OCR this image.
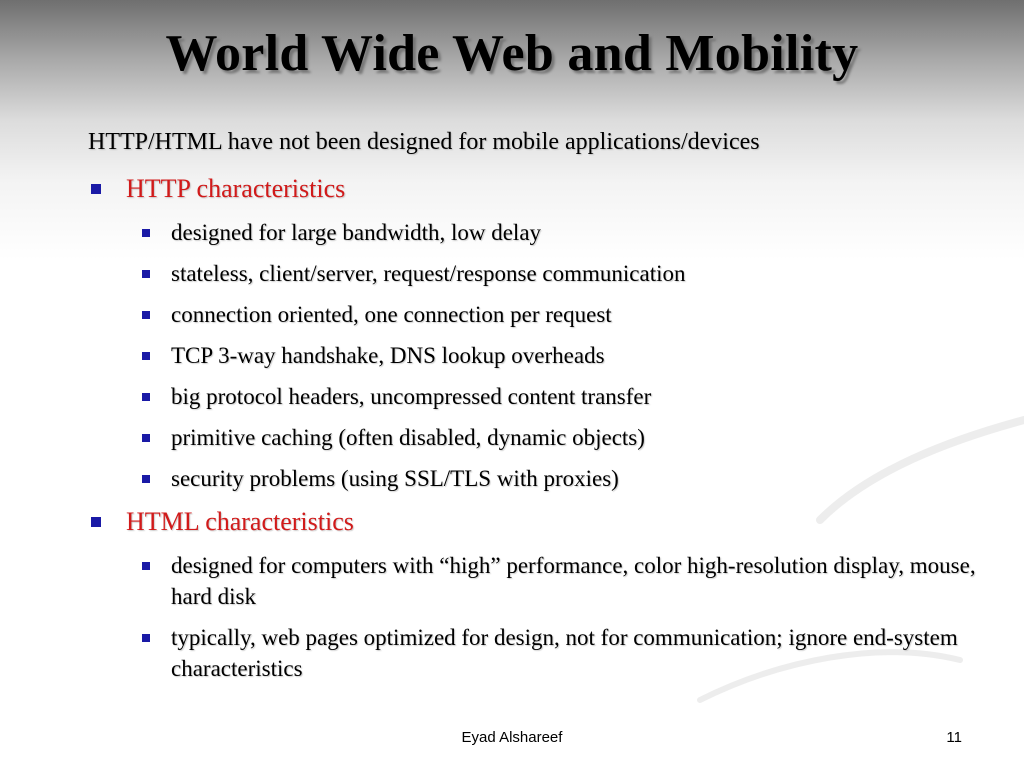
World Wide Web and Mobility

HTTP/HTML have not been designed for mobile applications/devices

HTTP characteristics
designed for large bandwidth, low delay
stateless, client/server, request/response communication
connection oriented, one connection per request
TCP 3-way handshake, DNS lookup overheads
big protocol headers, uncompressed content transfer
primitive caching (often disabled, dynamic objects)
security problems (using SSL/TLS with proxies)
HTML characteristics
designed for computers with “high” performance, color high-resolution display, mouse, hard disk
typically, web pages optimized for design, not for communication; ignore end-system characteristics
Eyad Alshareef	11
